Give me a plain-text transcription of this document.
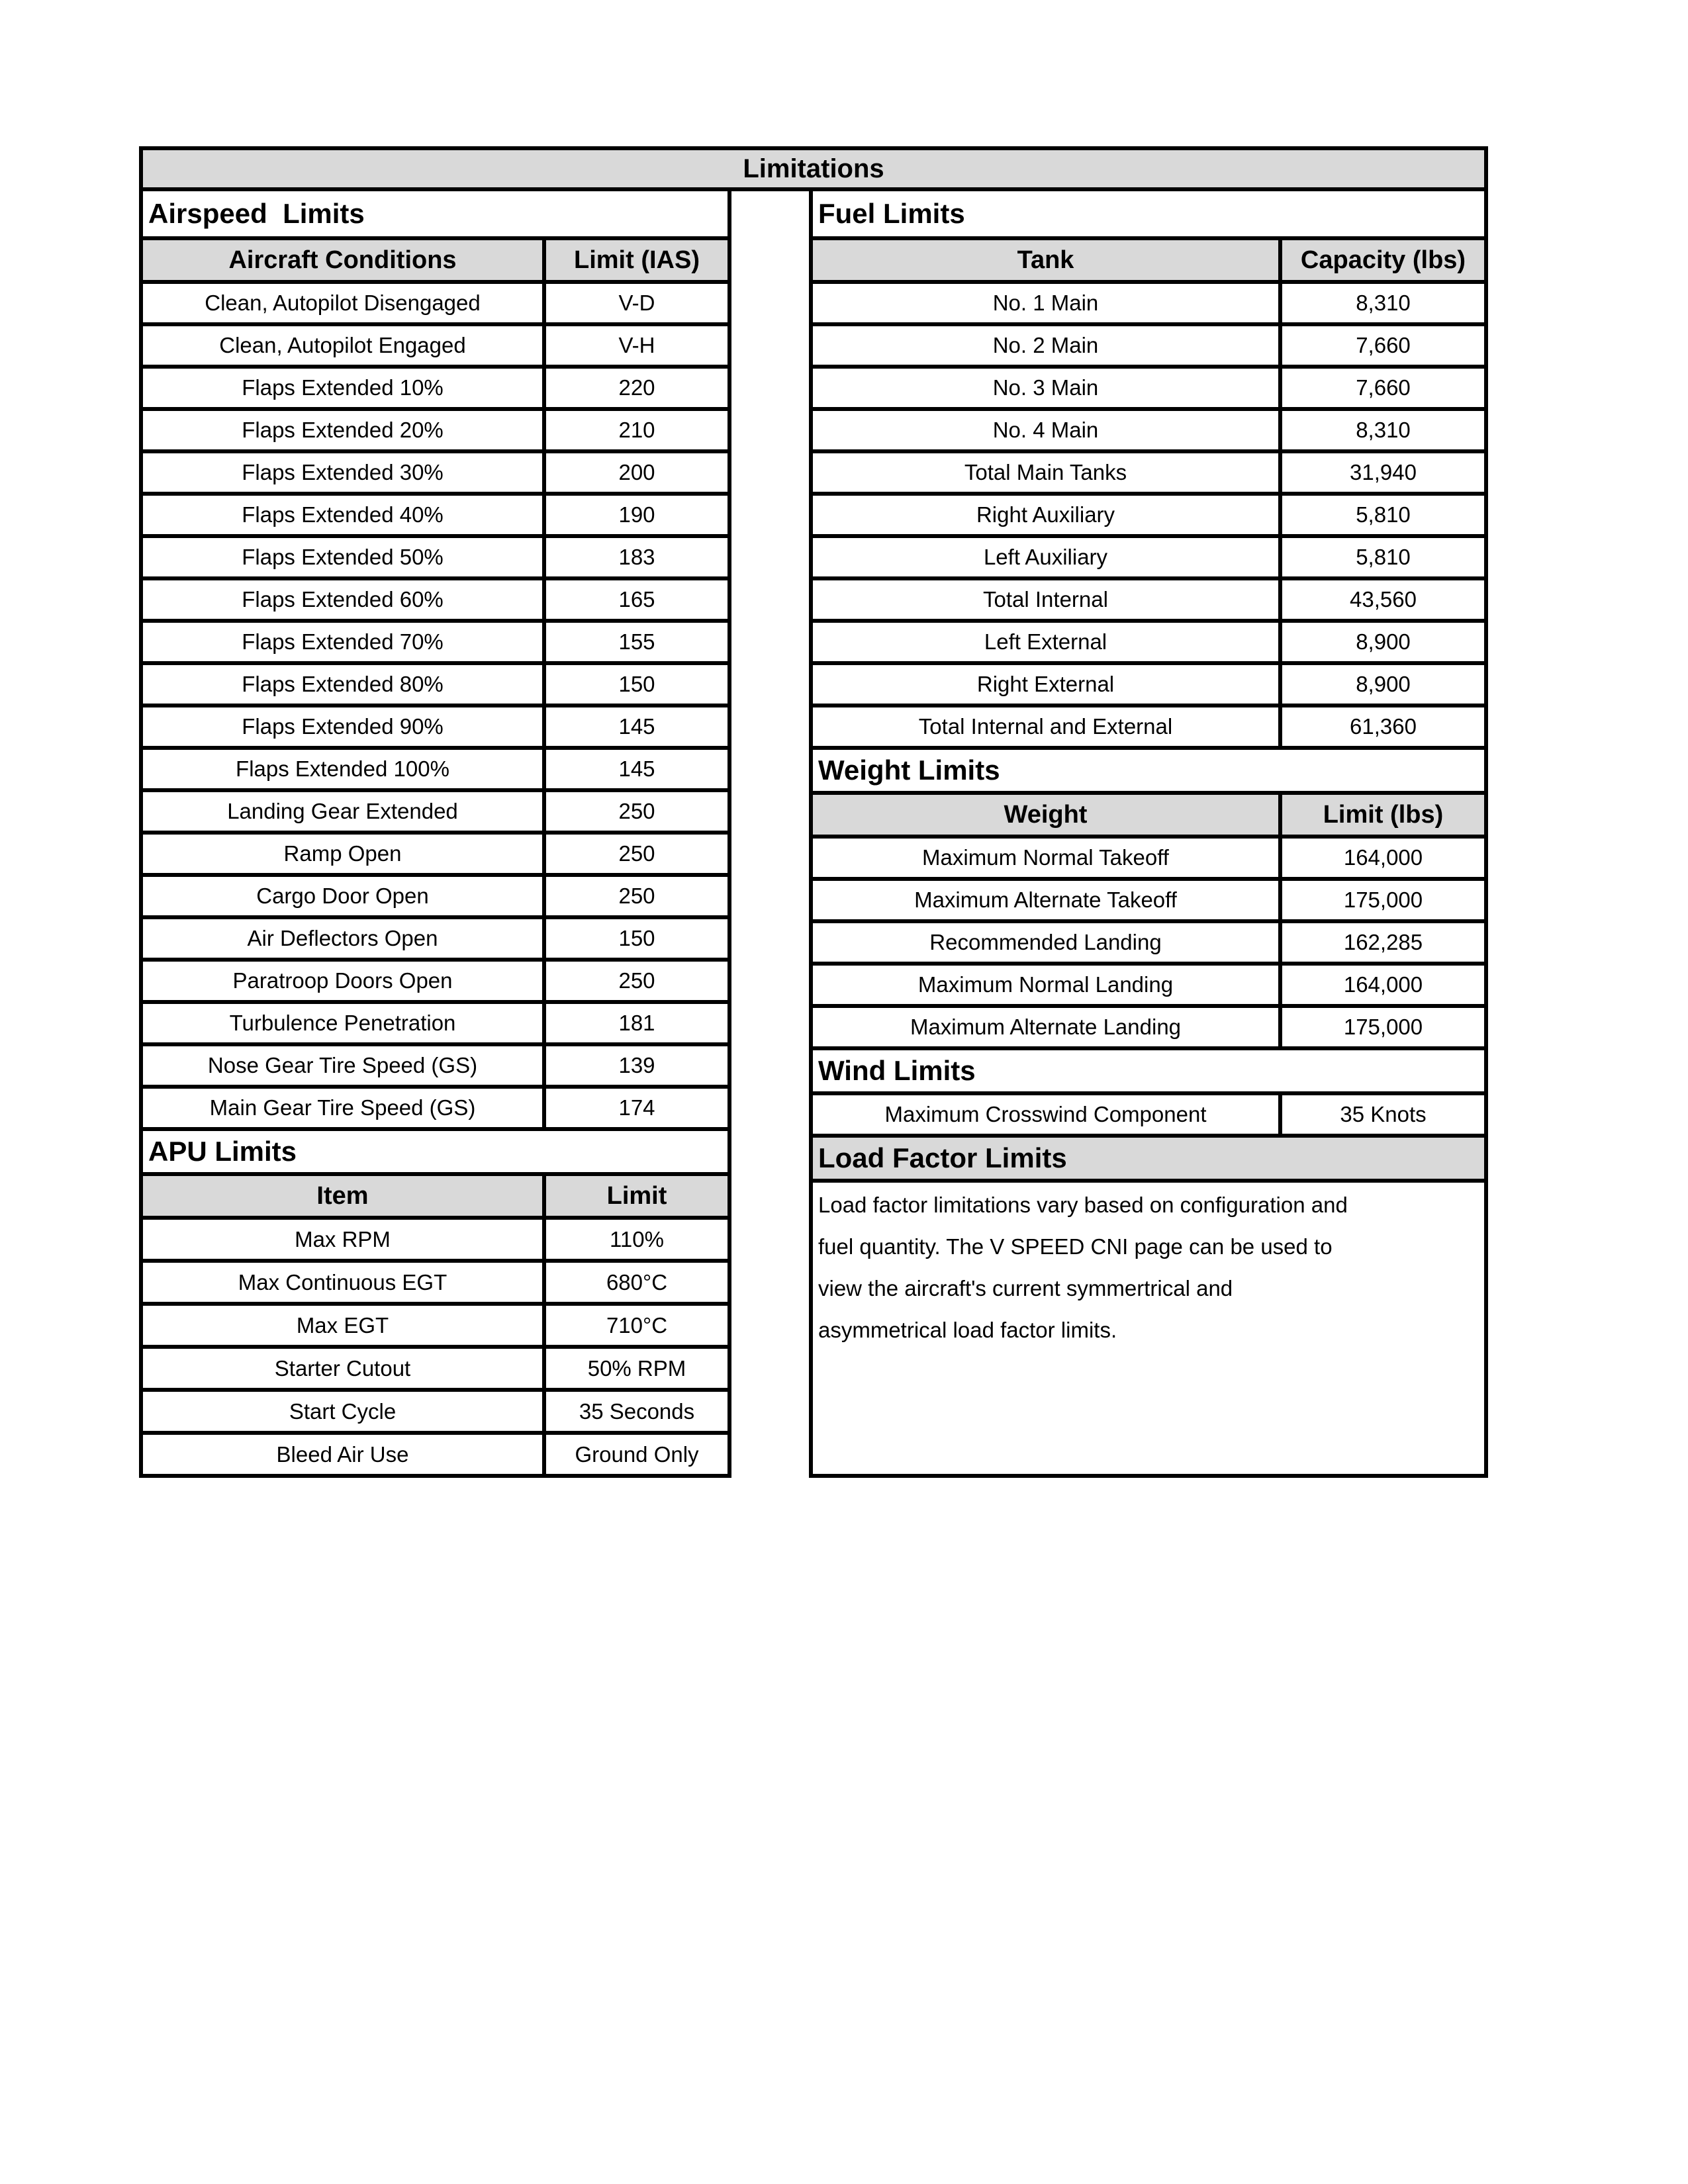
Limitations
Airspeed  Limits
Aircraft Conditions	Limit (IAS)
Clean, Autopilot Disengaged	V-D
Clean, Autopilot Engaged	V-H
Flaps Extended 10%	220
Flaps Extended 20%	210
Flaps Extended 30%	200
Flaps Extended 40%	190
Flaps Extended 50%	183
Flaps Extended 60%	165
Flaps Extended 70%	155
Flaps Extended 80%	150
Flaps Extended 90%	145
Flaps Extended 100%	145
Landing Gear Extended	250
Ramp Open	250
Cargo Door Open	250
Air Deflectors Open	150
Paratroop Doors Open	250
Turbulence Penetration	181
Nose Gear Tire Speed (GS)	139
Main Gear Tire Speed (GS)	174
APU Limits
Item	Limit
Max RPM	110%
Max Continuous EGT	680°C
Max EGT	710°C
Starter Cutout	50% RPM
Start Cycle	35 Seconds
Bleed Air Use	Ground Only
Fuel Limits
Tank	Capacity (lbs)
No. 1 Main	8,310
No. 2 Main	7,660
No. 3 Main	7,660
No. 4 Main	8,310
Total Main Tanks	31,940
Right Auxiliary	5,810
Left Auxiliary	5,810
Total Internal	43,560
Left External	8,900
Right External	8,900
Total Internal and External	61,360
Weight Limits
Weight	Limit (lbs)
Maximum Normal Takeoff	164,000
Maximum Alternate Takeoff	175,000
Recommended Landing	162,285
Maximum Normal Landing	164,000
Maximum Alternate Landing	175,000
Wind Limits
Maximum Crosswind Component	35 Knots
Load Factor Limits
Load factor limitations vary based on configuration and
fuel quantity. The V SPEED CNI page can be used to
view the aircraft's current symmertrical and
asymmetrical load factor limits.
